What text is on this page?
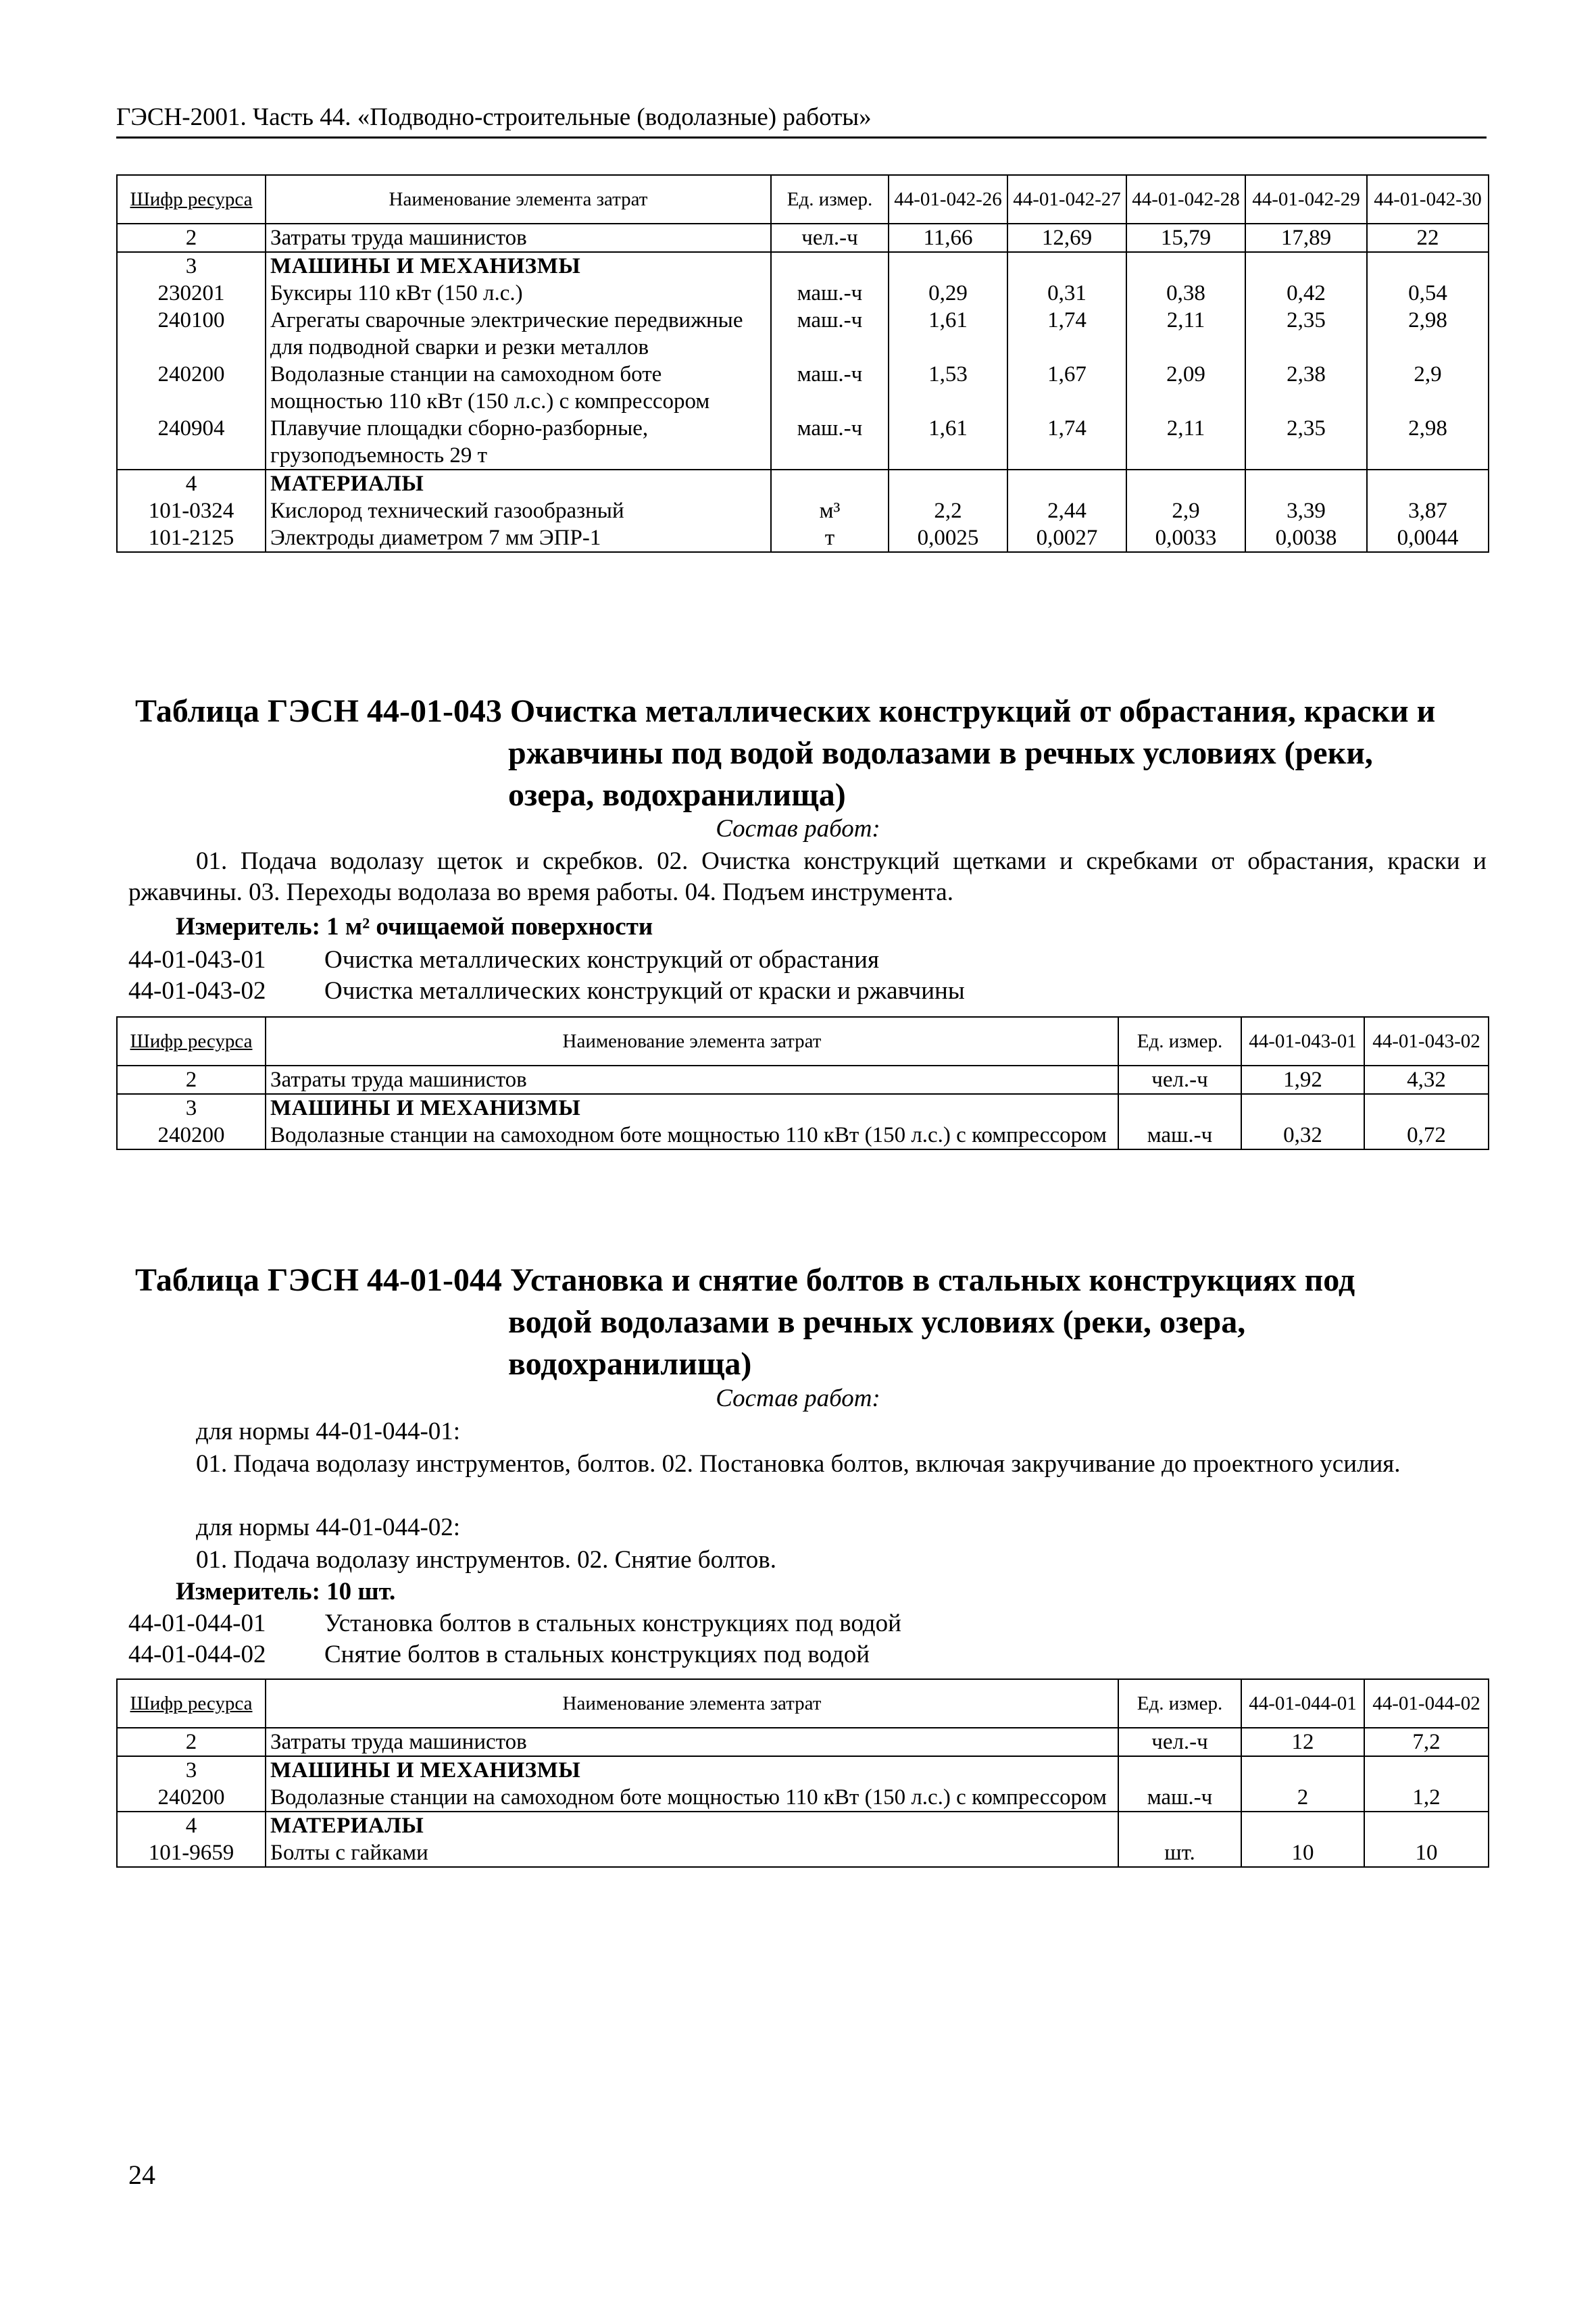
ГЭСН-2001. Часть 44. «Подводно-строительные (водолазные) работы»
Шифр ресурса	Наименование элемента затрат	Ед. измер.	44-01-042-26	44-01-042-27	44-01-042-28	44-01-042-29	44-01-042-30
2	Затраты труда машинистов	чел.-ч	11,66	12,69	15,79	17,89	22
3	МАШИНЫ И МЕХАНИЗМЫ						
230201	Буксиры 110 кВт (150 л.с.)	маш.-ч	0,29	0,31	0,38	0,42	0,54
240100	Агрегаты сварочные электрические передвижные для подводной сварки и резки металлов	маш.-ч	1,61	1,74	2,11	2,35	2,98
240200	Водолазные станции на самоходном боте мощностью 110 кВт (150 л.с.) с компрессором	маш.-ч	1,53	1,67	2,09	2,38	2,9
240904	Плавучие площадки сборно-разборные, грузоподъемность 29 т	маш.-ч	1,61	1,74	2,11	2,35	2,98
4	МАТЕРИАЛЫ						
101-0324	Кислород технический газообразный	м³	2,2	2,44	2,9	3,39	3,87
101-2125	Электроды диаметром 7 мм ЭПР-1	т	0,0025	0,0027	0,0033	0,0038	0,0044
Таблица ГЭСН 44-01-043 Очистка металлических конструкций от обрастания, краски и
ржавчины под водой водолазами в речных условиях (реки,
озера, водохранилища)
Состав работ:
01. Подача водолазу щеток и скребков. 02. Очистка конструкций щетками и скребками от обрастания, краски и ржавчины. 03. Переходы водолаза во время работы. 04. Подъем инструмента.
Измеритель: 1 м² очищаемой поверхности
44-01-043-01 Очистка металлических конструкций от обрастания
44-01-043-02 Очистка металлических конструкций от краски и ржавчины
Шифр ресурса	Наименование элемента затрат	Ед. измер.	44-01-043-01	44-01-043-02
2	Затраты труда машинистов	чел.-ч	1,92	4,32
3	МАШИНЫ И МЕХАНИЗМЫ			
240200	Водолазные станции на самоходном боте мощностью 110 кВт (150 л.с.) с компрессором	маш.-ч	0,32	0,72
Таблица ГЭСН 44-01-044 Установка и снятие болтов в стальных конструкциях под
водой водолазами в речных условиях (реки, озера,
водохранилища)
Состав работ:
для нормы 44-01-044-01:
01. Подача водолазу инструментов, болтов. 02. Постановка болтов, включая закручивание до проектного усилия.
для нормы 44-01-044-02:
01. Подача водолазу инструментов. 02. Снятие болтов.
Измеритель: 10 шт.
44-01-044-01 Установка болтов в стальных конструкциях под водой
44-01-044-02 Снятие болтов в стальных конструкциях под водой
Шифр ресурса	Наименование элемента затрат	Ед. измер.	44-01-044-01	44-01-044-02
2	Затраты труда машинистов	чел.-ч	12	7,2
3	МАШИНЫ И МЕХАНИЗМЫ			
240200	Водолазные станции на самоходном боте мощностью 110 кВт (150 л.с.) с компрессором	маш.-ч	2	1,2
4	МАТЕРИАЛЫ			
101-9659	Болты с гайками	шт.	10	10
24
